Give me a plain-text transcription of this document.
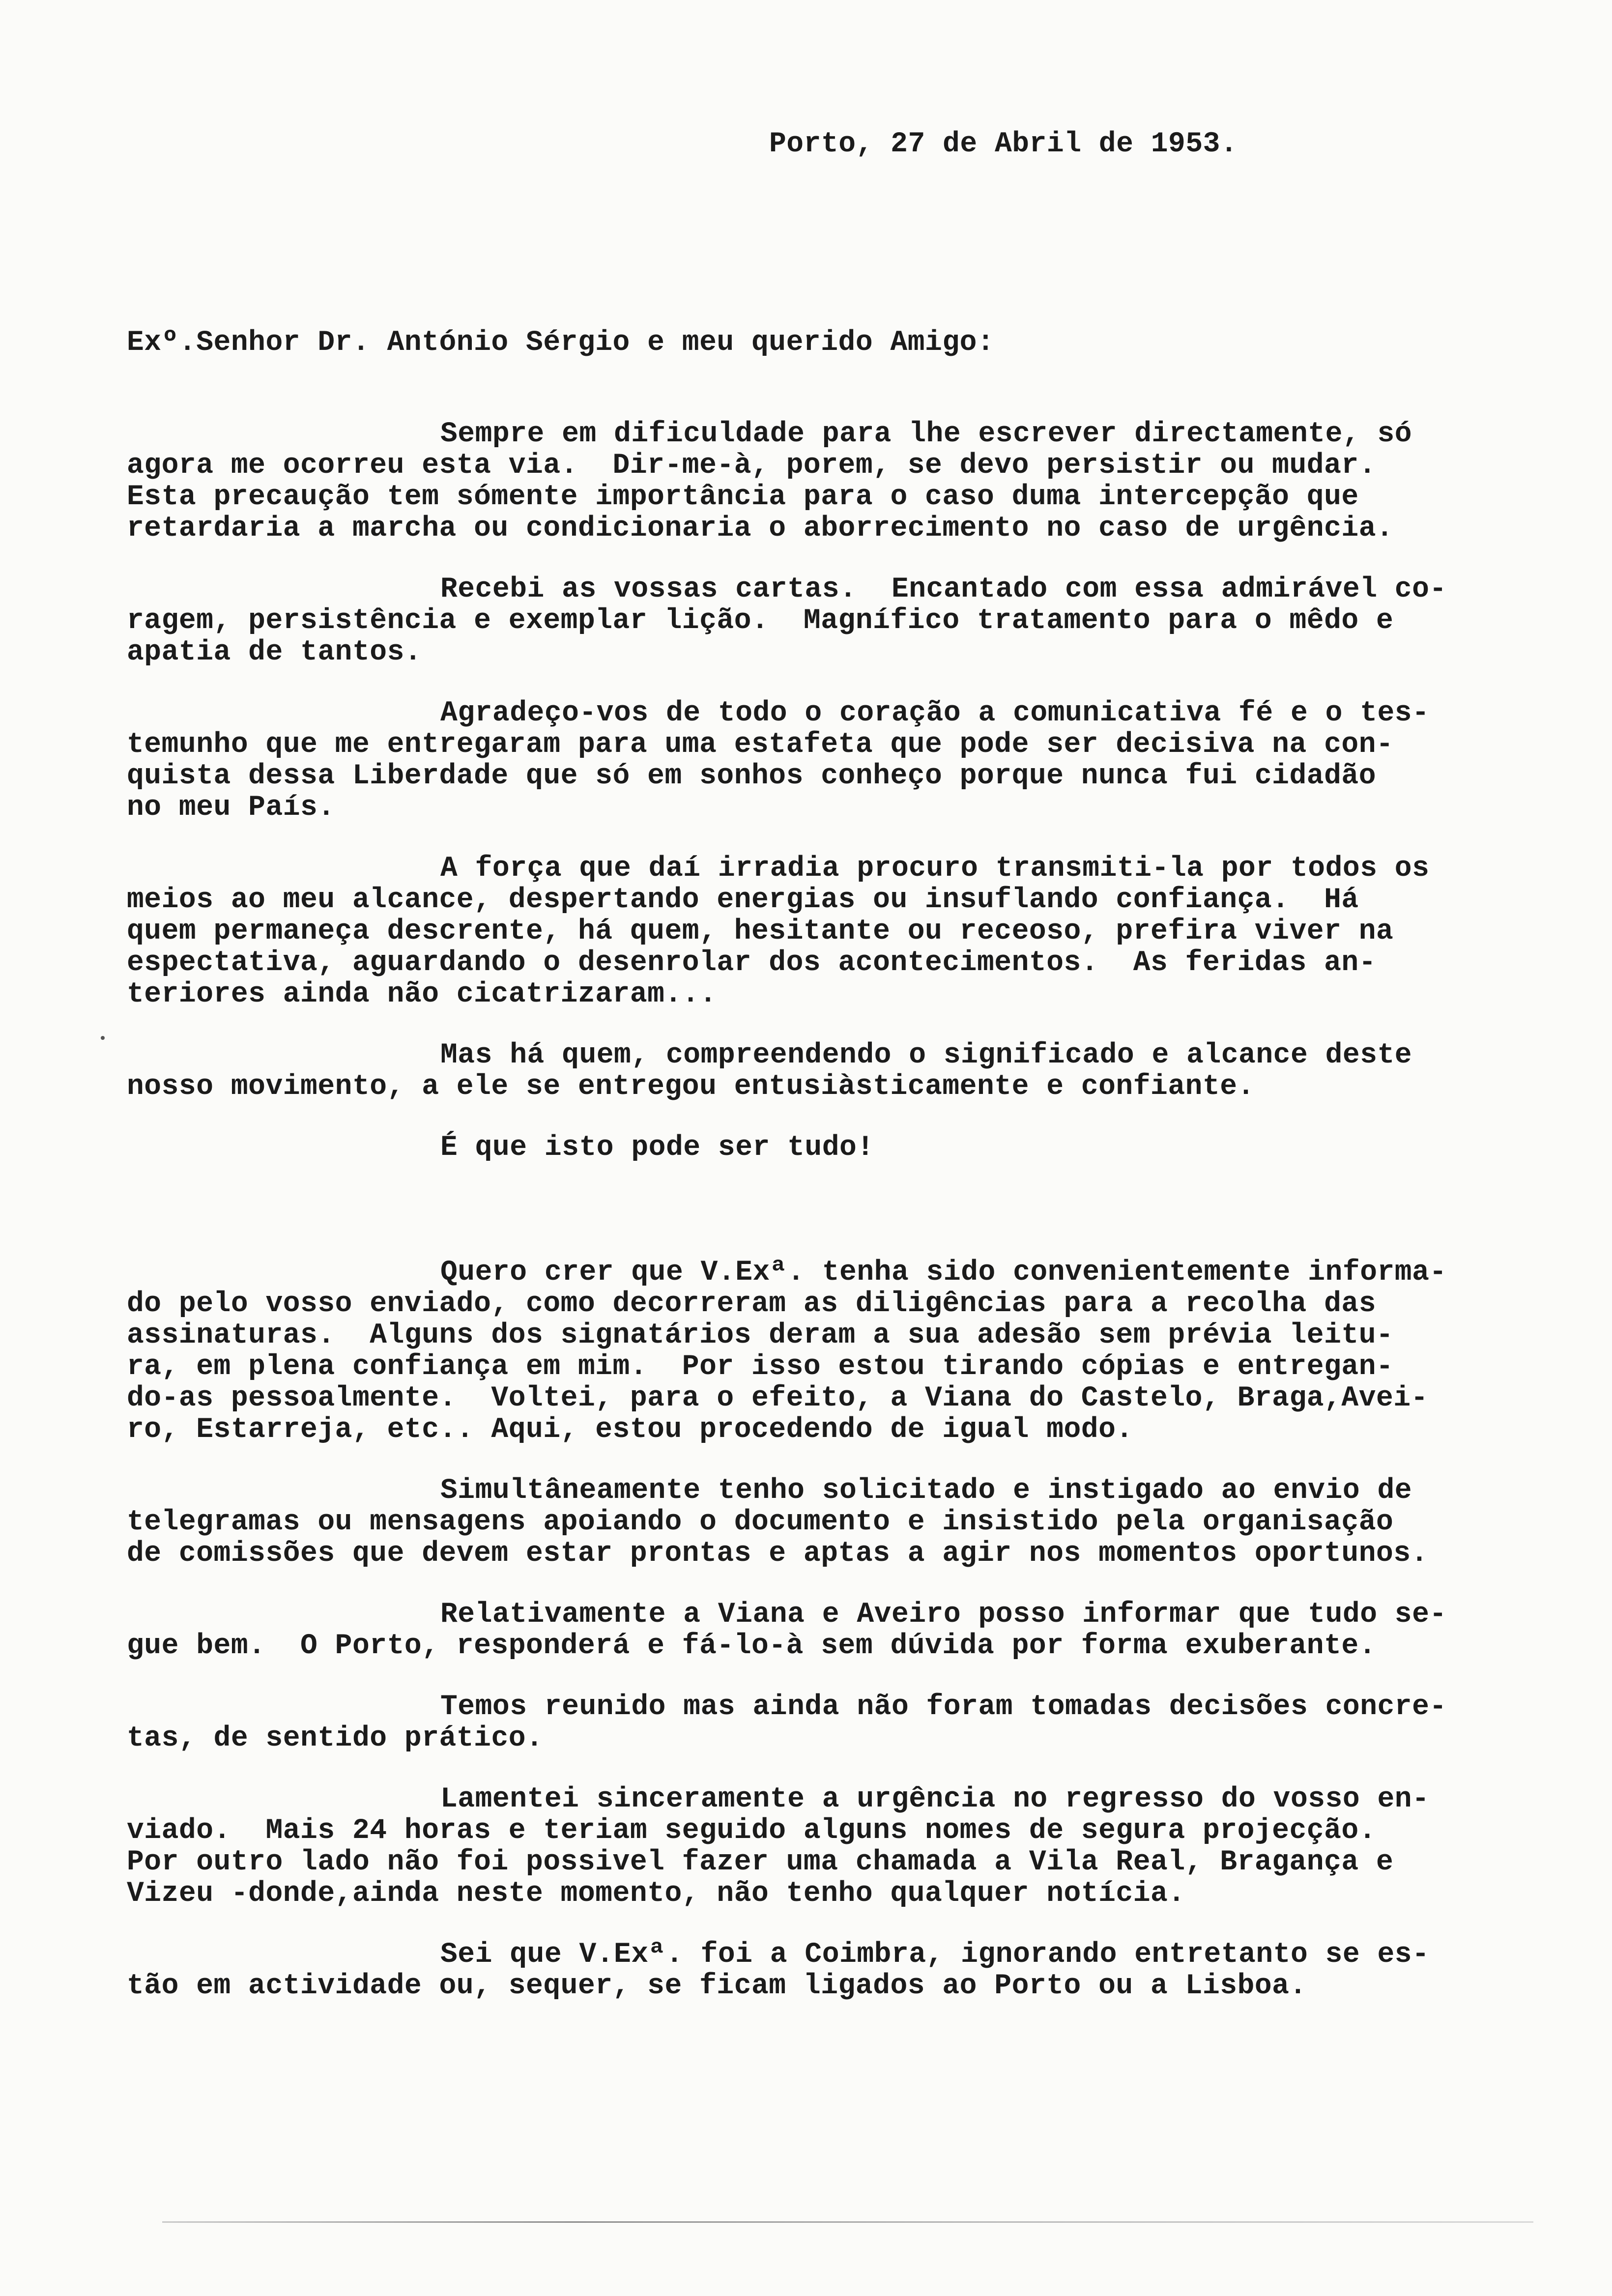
Porto, 27 de Abril de 1953.
Exº.Senhor Dr. António Sérgio e meu querido Amigo:
Sempre em dificuldade para lhe escrever directamente, só
agora me ocorreu esta via.  Dir-me-à, porem, se devo persistir ou mudar.
Esta precaução tem sómente importância para o caso duma intercepção que
retardaria a marcha ou condicionaria o aborrecimento no caso de urgência.
Recebi as vossas cartas.  Encantado com essa admirável co-
ragem, persistência e exemplar lição.  Magnífico tratamento para o mêdo e
apatia de tantos.
Agradeço-vos de todo o coração a comunicativa fé e o tes-
temunho que me entregaram para uma estafeta que pode ser decisiva na con-
quista dessa Liberdade que só em sonhos conheço porque nunca fui cidadão
no meu País.
A força que daí irradia procuro transmiti-la por todos os
meios ao meu alcance, despertando energias ou insuflando confiança.  Há
quem permaneça descrente, há quem, hesitante ou receoso, prefira viver na
espectativa, aguardando o desenrolar dos acontecimentos.  As feridas an-
teriores ainda não cicatrizaram...
Mas há quem, compreendendo o significado e alcance deste
nosso movimento, a ele se entregou entusiàsticamente e confiante.
É que isto pode ser tudo!
Quero crer que V.Exª. tenha sido convenientemente informa-
do pelo vosso enviado, como decorreram as diligências para a recolha das
assinaturas.  Alguns dos signatários deram a sua adesão sem prévia leitu-
ra, em plena confiança em mim.  Por isso estou tirando cópias e entregan-
do-as pessoalmente.  Voltei, para o efeito, a Viana do Castelo, Braga,Avei-
ro, Estarreja, etc.. Aqui, estou procedendo de igual modo.
Simultâneamente tenho solicitado e instigado ao envio de
telegramas ou mensagens apoiando o documento e insistido pela organisação
de comissões que devem estar prontas e aptas a agir nos momentos oportunos.
Relativamente a Viana e Aveiro posso informar que tudo se-
gue bem.  O Porto, responderá e fá-lo-à sem dúvida por forma exuberante.
Temos reunido mas ainda não foram tomadas decisões concre-
tas, de sentido prático.
Lamentei sinceramente a urgência no regresso do vosso en-
viado.  Mais 24 horas e teriam seguido alguns nomes de segura projecção.
Por outro lado não foi possivel fazer uma chamada a Vila Real, Bragança e
Vizeu -donde,ainda neste momento, não tenho qualquer notícia.
Sei que V.Exª. foi a Coimbra, ignorando entretanto se es-
tão em actividade ou, sequer, se ficam ligados ao Porto ou a Lisboa.
